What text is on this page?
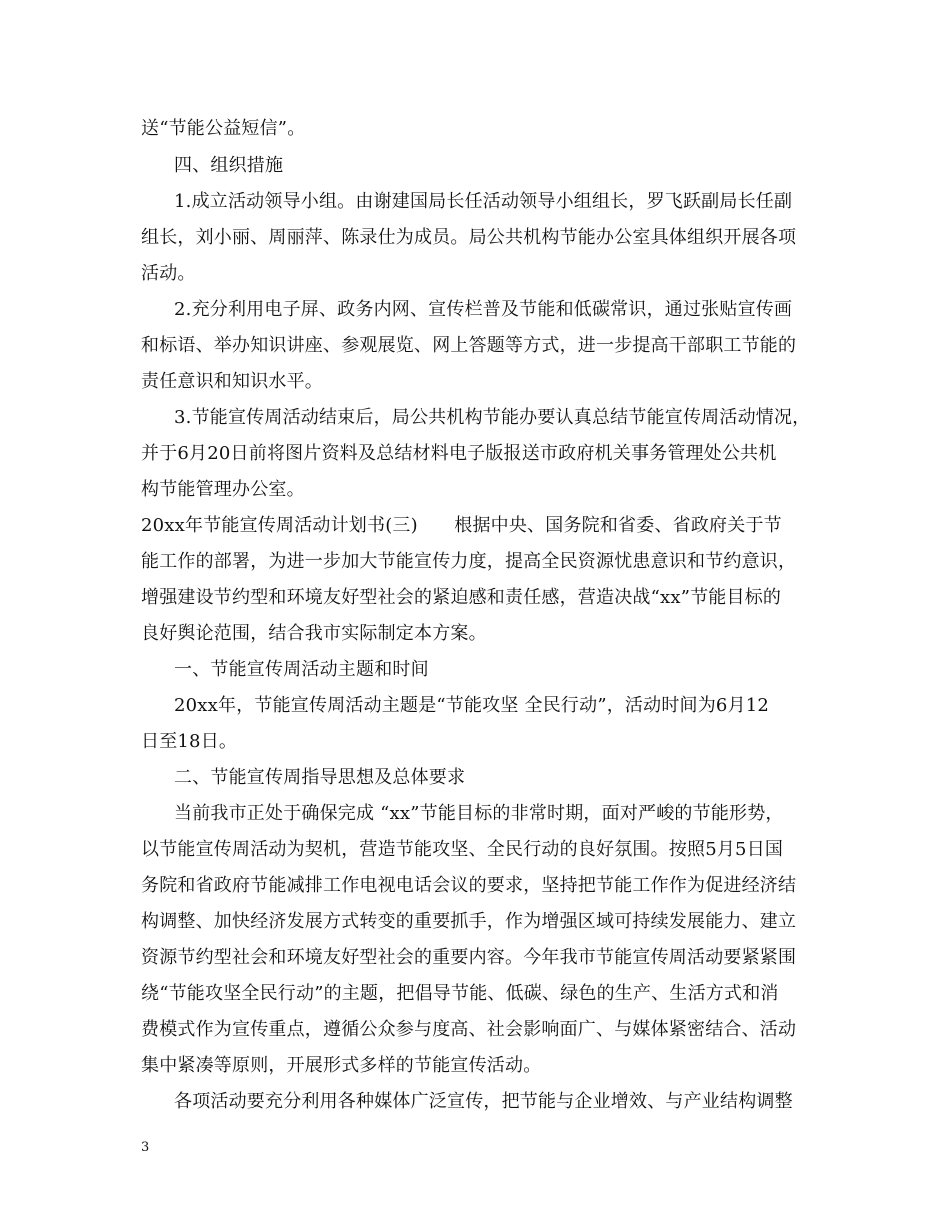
送“节能公益短信”。
四、组织措施
1.成立活动领导小组。由谢建国局长任活动领导小组组长，罗飞跃副局长任副
组长，刘小丽、周丽萍、陈录仕为成员。局公共机构节能办公室具体组织开展各项
活动。
2.充分利用电子屏、政务内网、宣传栏普及节能和低碳常识，通过张贴宣传画
和标语、举办知识讲座、参观展览、网上答题等方式，进一步提高干部职工节能的
责任意识和知识水平。
3.节能宣传周活动结束后，局公共机构节能办要认真总结节能宣传周活动情况，
并于6月20日前将图片资料及总结材料电子版报送市政府机关事务管理处公共机
构节能管理办公室。
20xx年节能宣传周活动计划书(三)　　根据中央、国务院和省委、省政府关于节
能工作的部署，为进一步加大节能宣传力度，提高全民资源忧患意识和节约意识，
增强建设节约型和环境友好型社会的紧迫感和责任感，营造决战“xx”节能目标的
良好舆论范围，结合我市实际制定本方案。
一、节能宣传周活动主题和时间
20xx年，节能宣传周活动主题是“节能攻坚 全民行动”，活动时间为6月12
日至18日。
二、节能宣传周指导思想及总体要求
当前我市正处于确保完成 “xx”节能目标的非常时期，面对严峻的节能形势，
以节能宣传周活动为契机，营造节能攻坚、全民行动的良好氛围。按照5月5日国
务院和省政府节能减排工作电视电话会议的要求，坚持把节能工作作为促进经济结
构调整、加快经济发展方式转变的重要抓手，作为增强区域可持续发展能力、建立
资源节约型社会和环境友好型社会的重要内容。今年我市节能宣传周活动要紧紧围
绕“节能攻坚全民行动”的主题，把倡导节能、低碳、绿色的生产、生活方式和消
费模式作为宣传重点，遵循公众参与度高、社会影响面广、与媒体紧密结合、活动
集中紧凑等原则，开展形式多样的节能宣传活动。
各项活动要充分利用各种媒体广泛宣传，把节能与企业增效、与产业结构调整
3
